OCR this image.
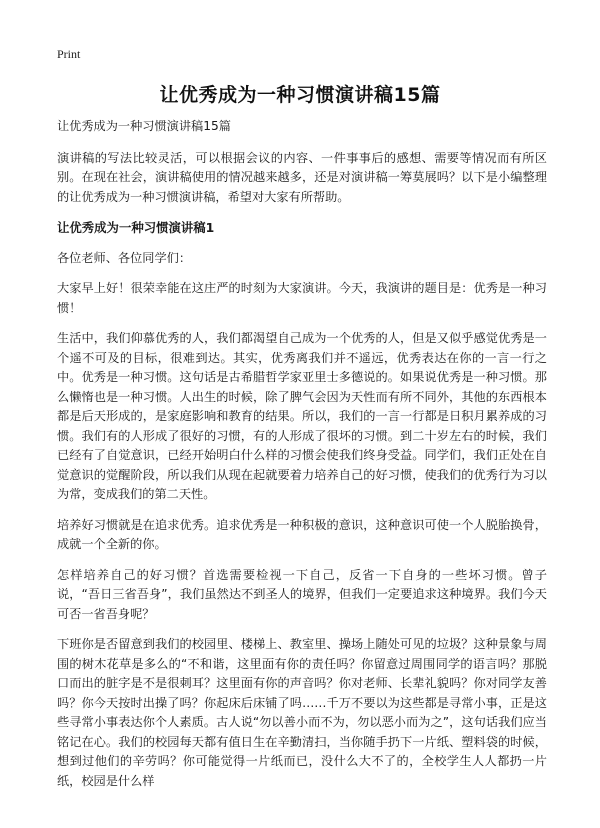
Print
让优秀成为一种习惯演讲稿15篇

让优秀成为一种习惯演讲稿15篇

演讲稿的写法比较灵活，可以根据会议的内容、一件事事后的感想、需要等情况而有所区别。在现在社会，演讲稿使用的情况越来越多，还是对演讲稿一筹莫展吗？以下是小编整理的让优秀成为一种习惯演讲稿，希望对大家有所帮助。

让优秀成为一种习惯演讲稿1

各位老师、各位同学们：

大家早上好！很荣幸能在这庄严的时刻为大家演讲。今天，我演讲的题目是：优秀是一种习惯！

生活中，我们仰慕优秀的人，我们都渴望自己成为一个优秀的人，但是又似乎感觉优秀是一个遥不可及的目标，很难到达。其实，优秀离我们并不遥远，优秀表达在你的一言一行之中。优秀是一种习惯。这句话是古希腊哲学家亚里士多德说的。如果说优秀是一种习惯。那么懒惰也是一种习惯。人出生的时候，除了脾气会因为天性而有所不同外，其他的东西根本都是后天形成的，是家庭影响和教育的结果。所以，我们的一言一行都是日积月累养成的习惯。我们有的人形成了很好的习惯，有的人形成了很坏的习惯。到二十岁左右的时候，我们已经有了自觉意识，已经开始明白什么样的习惯会使我们终身受益。同学们，我们正处在自觉意识的觉醒阶段，所以我们从现在起就要着力培养自己的好习惯，使我们的优秀行为习以为常，变成我们的第二天性。

培养好习惯就是在追求优秀。追求优秀是一种积极的意识，这种意识可使一个人脱胎换骨，成就一个全新的你。

怎样培养自己的好习惯？首选需要检视一下自己，反省一下自身的一些坏习惯。曾子说，“吾日三省吾身”，我们虽然达不到圣人的境界，但我们一定要追求这种境界。我们今天可否一省吾身呢？

下班你是否留意到我们的校园里、楼梯上、教室里、操场上随处可见的垃圾？这种景象与周围的树木花草是多么的“不和谐，这里面有你的责任吗？你留意过周围同学的语言吗？那脱口而出的脏字是不是很刺耳？这里面有你的声音吗？你对老师、长辈礼貌吗？你对同学友善吗？你今天按时出操了吗？你起床后床铺了吗……千万不要以为这些都是寻常小事，正是这些寻常小事表达你个人素质。古人说“勿以善小而不为，勿以恶小而为之”，这句话我们应当铭记在心。我们的校园每天都有值日生在辛勤清扫，当你随手扔下一片纸、塑料袋的时候，想到过他们的辛劳吗？你可能觉得一片纸而已，没什么大不了的，全校学生人人都扔一片纸，校园是什么样
